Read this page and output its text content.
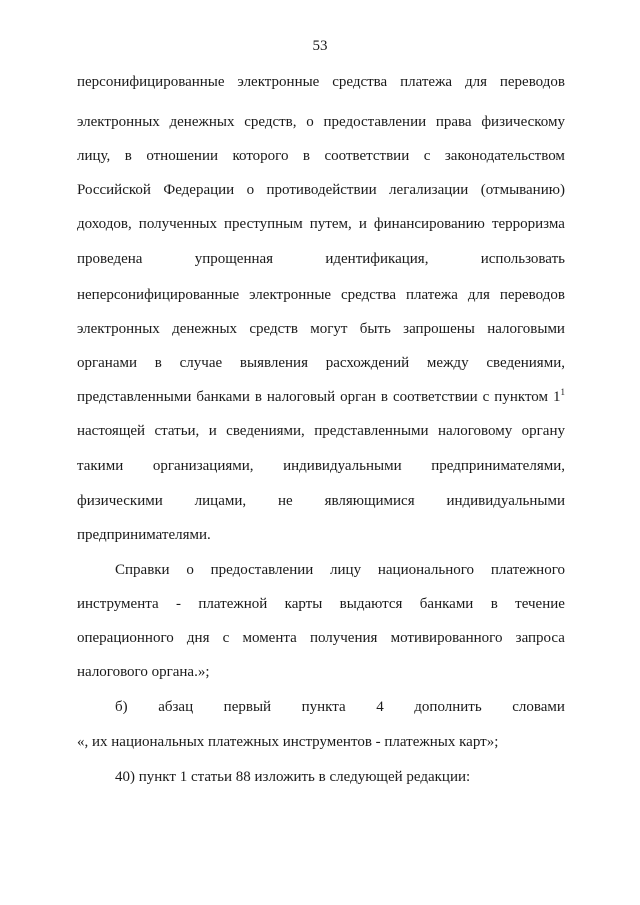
53
персонифицированные электронные средства платежа для переводов
электронных денежных средств, о предоставлении права физическому
лицу, в отношении которого в соответствии с законодательством
Российской Федерации о противодействии легализации (отмыванию)
доходов, полученных преступным путем, и финансированию терроризма
проведена	упрощенная	идентификация,	использовать
неперсонифицированные электронные средства платежа для переводов
электронных денежных средств могут быть запрошены налоговыми
органами в случае выявления расхождений между сведениями,
представленными банками в налоговый орган в соответствии с пунктом $1^1$
настоящей статьи, и сведениями, представленными налоговому органу
такими организациями, индивидуальными предпринимателями,
физическими лицами, не являющимися индивидуальными
предпринимателями.
Справки о предоставлении лицу национального платежного
инструмента - платежной карты выдаются банками в течение
операционного дня с момента получения мотивированного запроса
налогового органа.»;
б) абзац первый пункта 4 дополнить словами
«, их национальных платежных инструментов - платежных карт»;
40) пункт 1 статьи 88 изложить в следующей редакции:
